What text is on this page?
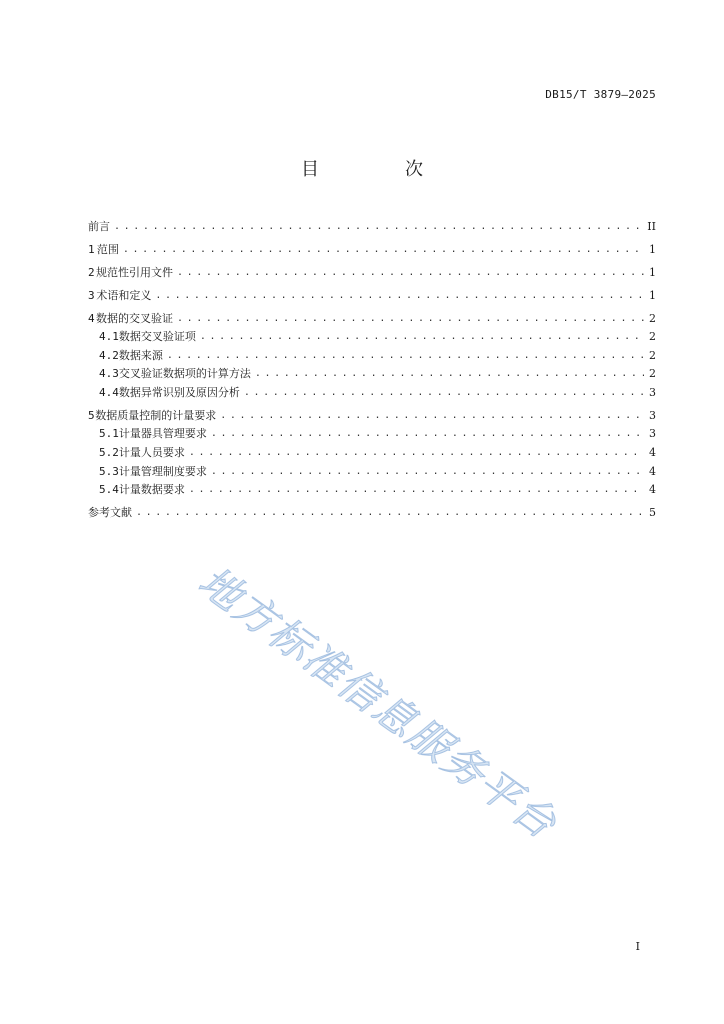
DB15/T 3879—2025
目　次
前言 . . .	II
1 范围 . . .	1
2 规范性引用文件 . . .	1
3 术语和定义 . . .	1
4 数据的交叉验证 . . .	2
4.1 数据交叉验证项 . . .	2
4.2 数据来源 . . .	2
4.3 交叉验证数据项的计算方法 . . .	2
4.4 数据异常识别及原因分析 . . .	3
5 数据质量控制的计量要求 . . .	3
5.1 计量器具管理要求 . . .	3
5.2 计量人员要求 . . .	4
5.3 计量管理制度要求 . . .	4
5.4 计量数据要求 . . .	4
参考文献 . . .	5
地方标准信息服务平台
I
